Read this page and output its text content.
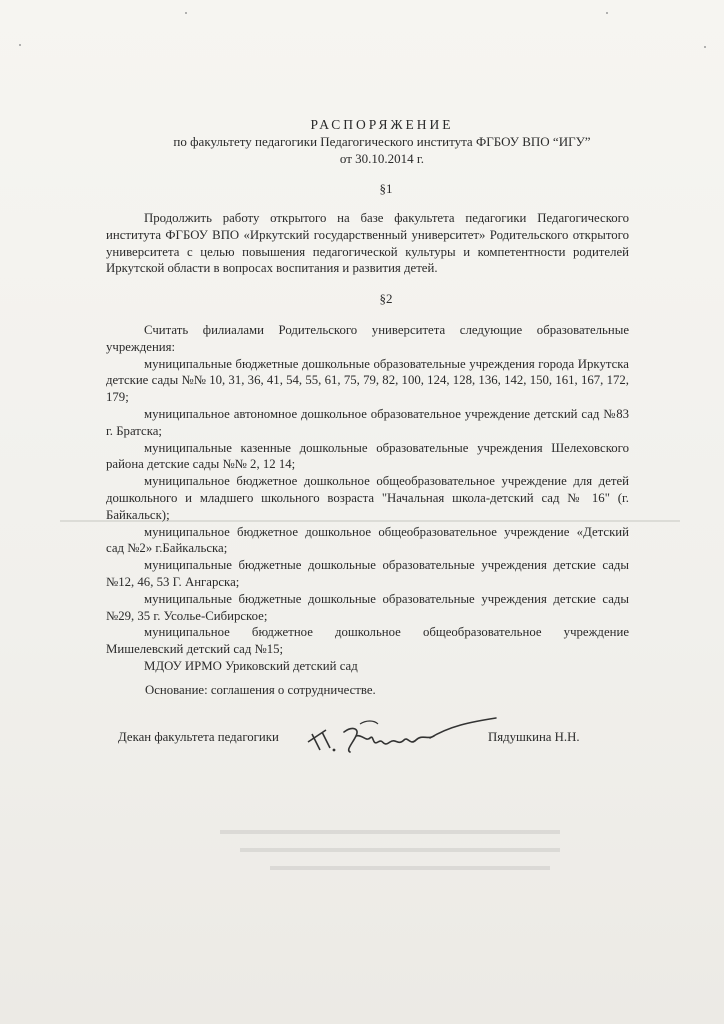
РАСПОРЯЖЕНИЕ
по факультету педагогики Педагогического института ФГБОУ ВПО “ИГУ”
от 30.10.2014 г.
§1

Продолжить работу открытого на базе факультета педагогики Педагогического института ФГБОУ ВПО «Иркутский государственный университет» Родительского открытого университета с целью повышения педагогической культуры и компетентности родителей Иркутской области в вопросах воспитания и развития детей.

§2

Считать филиалами Родительского университета следующие образовательные учреждения:

муниципальные бюджетные дошкольные образовательные учреждения города Иркутска детские сады №№ 10, 31, 36, 41, 54, 55, 61, 75, 79, 82, 100, 124, 128, 136, 142, 150, 161, 167, 172, 179;

муниципальное автономное дошкольное образовательное учреждение детский сад №83 г. Братска;

муниципальные казенные дошкольные образовательные учреждения Шелеховского района детские сады №№ 2, 12 14;

муниципальное бюджетное дошкольное общеобразовательное учреждение для детей дошкольного и младшего школьного возраста "Начальная школа-детский сад № 16" (г. Байкальск);

муниципальное бюджетное дошкольное общеобразовательное учреждение «Детский сад №2» г.Байкальска;

муниципальные бюджетные дошкольные образовательные учреждения детские сады №12, 46, 53 Г. Ангарска;

муниципальные бюджетные дошкольные образовательные учреждения детские сады №29, 35 г. Усолье-Сибирское;

муниципальное бюджетное дошкольное общеобразовательное учреждение Мишелевский детский сад №15;

МДОУ ИРМО Уриковский детский сад

Основание: соглашения о сотрудничестве.
Декан факультета педагогики	Пядушкина Н.Н.
